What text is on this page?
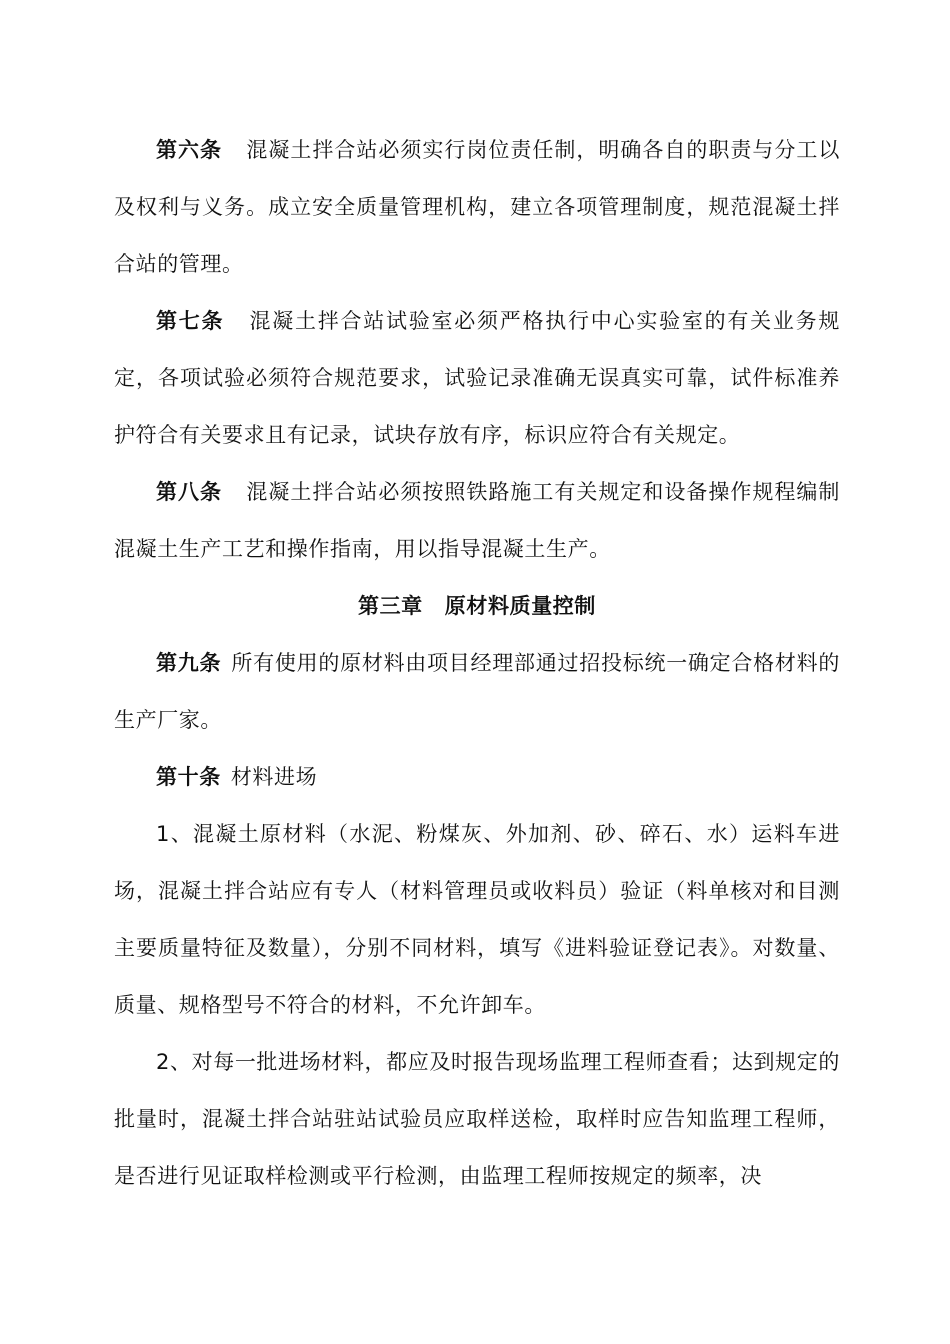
第六条 混凝土拌合站必须实行岗位责任制，明确各自的职责与分工以及权利与义务。成立安全质量管理机构，建立各项管理制度，规范混凝土拌合站的管理。

第七条 混凝土拌合站试验室必须严格执行中心实验室的有关业务规定，各项试验必须符合规范要求，试验记录准确无误真实可靠，试件标准养护符合有关要求且有记录，试块存放有序，标识应符合有关规定。

第八条 混凝土拌合站必须按照铁路施工有关规定和设备操作规程编制混凝土生产工艺和操作指南，用以指导混凝土生产。

第三章 原材料质量控制

第九条 所有使用的原材料由项目经理部通过招投标统一确定合格材料的生产厂家。

第十条 材料进场

1、混凝土原材料（水泥、粉煤灰、外加剂、砂、碎石、水）运料车进场，混凝土拌合站应有专人（材料管理员或收料员）验证（料单核对和目测主要质量特征及数量），分别不同材料，填写《进料验证登记表》。对数量、质量、规格型号不符合的材料，不允许卸车。

2、对每一批进场材料，都应及时报告现场监理工程师查看；达到规定的批量时，混凝土拌合站驻站试验员应取样送检，取样时应告知监理工程师，是否进行见证取样检测或平行检测，由监理工程师按规定的频率，决
